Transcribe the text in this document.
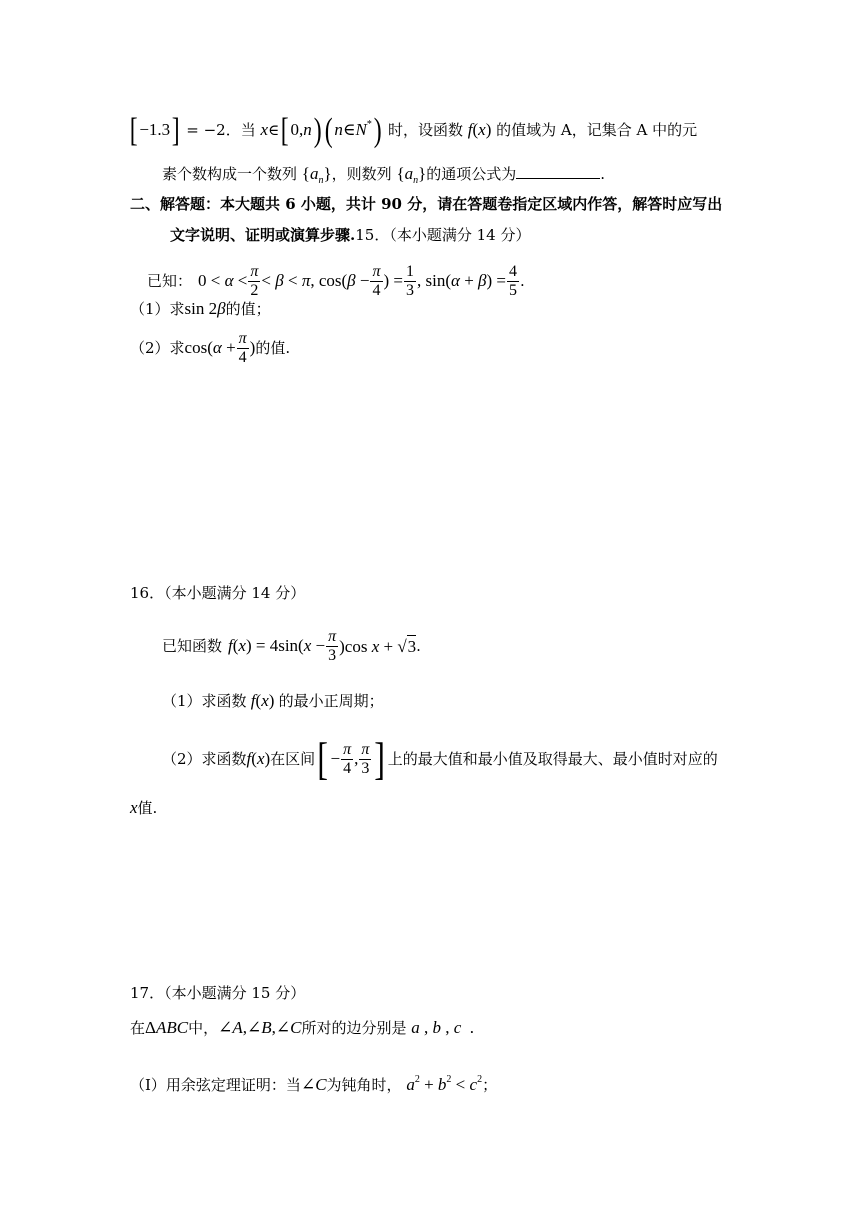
[−1.3] = −2．当 x∈[0,n)(n∈N*) 时，设函数 f(x) 的值域为 A，记集合 A 中的元
素个数构成一个数列 $\{a_n\}$，则数列 $\{a_n\}$的通项公式为	.
二、解答题：本大题共 6 小题，共计 90 分，请在答题卷指定区域内作答，解答时应写出
文字说明、证明或演算步骤.15．（本小题满分 14 分）
已知： $0 < \alpha < \frac{\pi}{2} < \beta < \pi$, $\cos(\beta - \frac{\pi}{4}$ ) = $\frac{1}{3}$ , $\sin(\alpha + \beta) = \frac{4}{5}$ .
（1）求sin 2β的值；
（2）求 $\cos(\alpha + \frac{\pi}{4}$ ) 的值.
16．（本小题满分 14 分）
已知函数 $f(x) = 4\sin(x - \frac{\pi}{3} )\cos$ x + √3 .
（1）求函数 f(x) 的最小正周期；
（2）求函数 f(x) 在区间 [ − $\frac{\pi}{4}$ , $\frac{\pi}{3}$ ] 上的最大值和最小值及取得最大、最小值时对应的
x值.
17．（本小题满分 15 分）
在ΔABC中，∠A,∠B,∠C所对的边分别是 a , b , c  .
（Ⅰ）用余弦定理证明：当∠C为钝角时， $a^2 + b^2 < c^2$；
